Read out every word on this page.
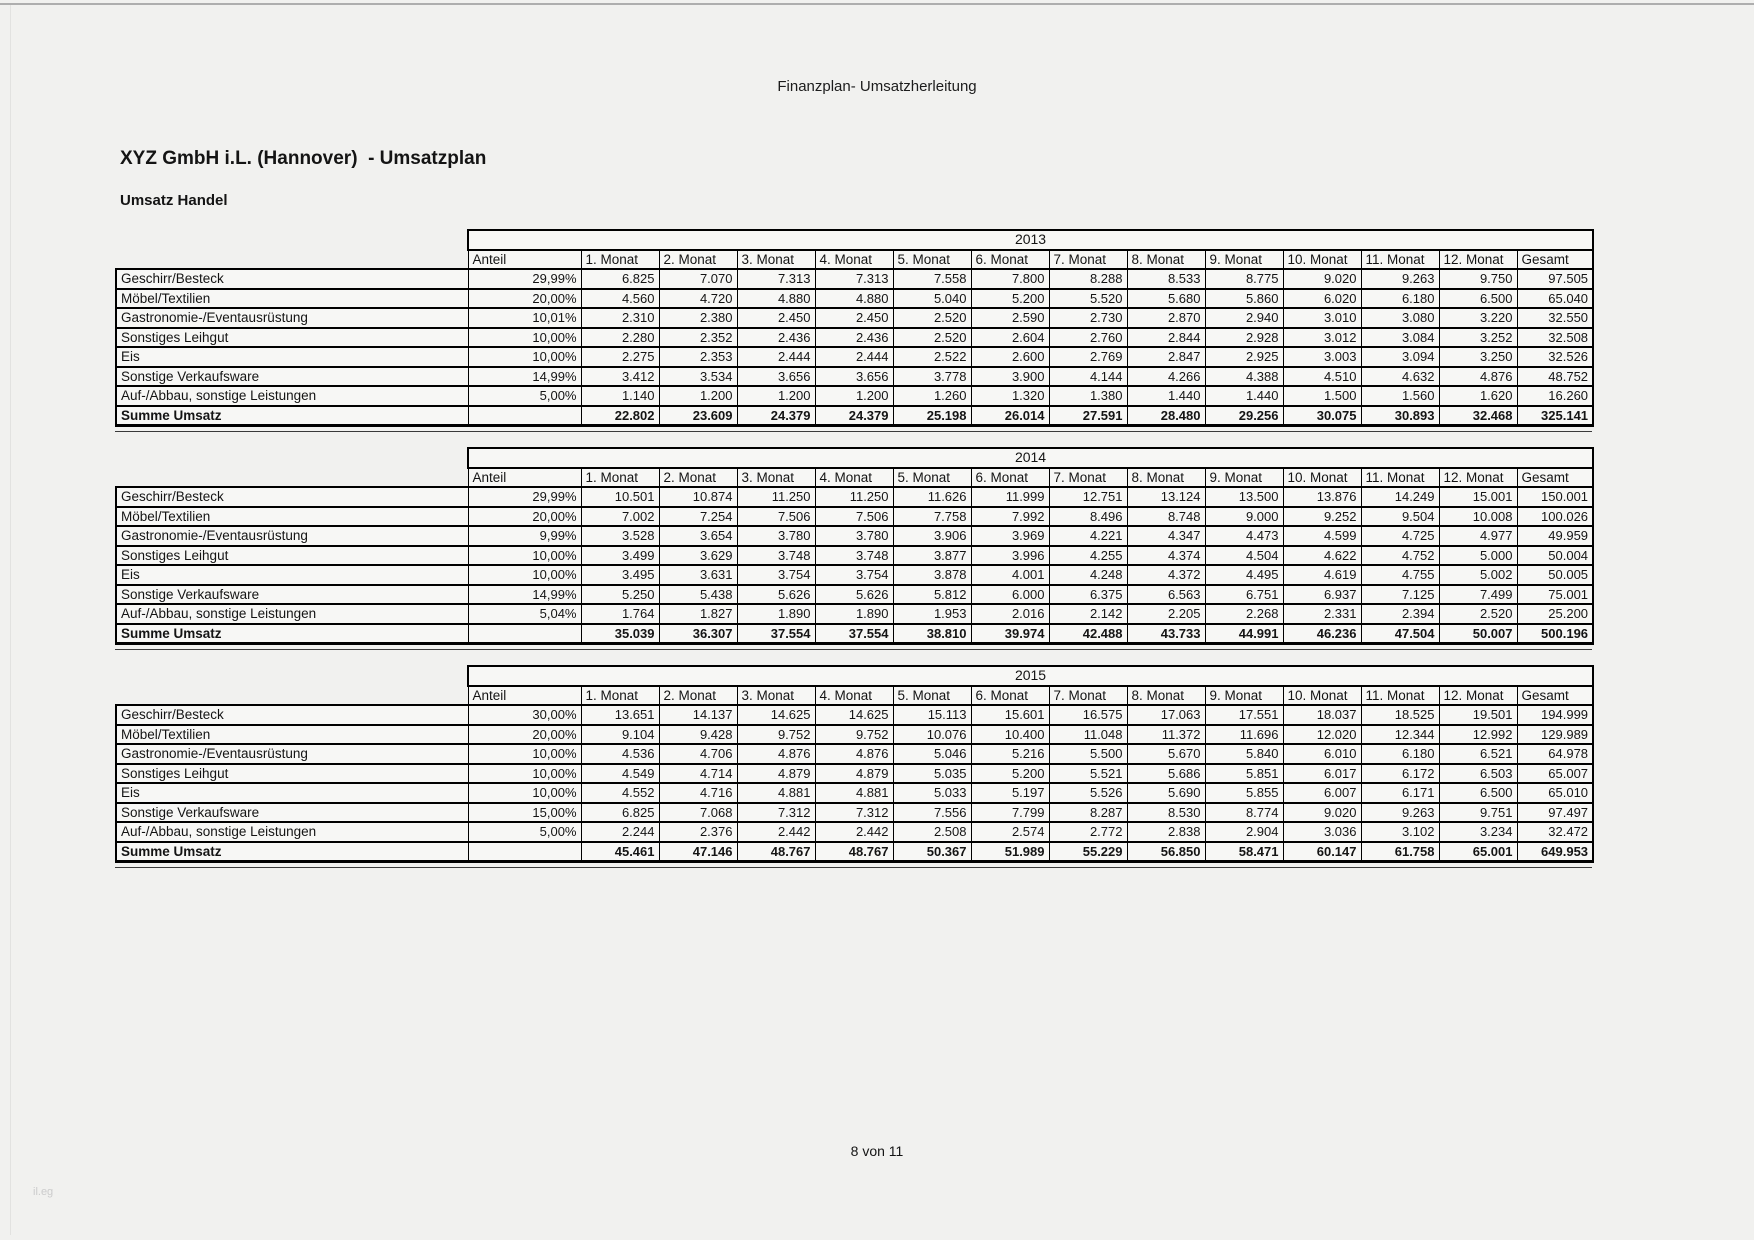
Finanzplan- Umsatzherleitung
XYZ GmbH i.L. (Hannover)  - Umsatzplan
Umsatz Handel
	2013													
	Anteil	1. Monat	2. Monat	3. Monat	4. Monat	5. Monat	6. Monat	7. Monat	8. Monat	9. Monat	10. Monat	11. Monat	12. Monat	Gesamt
Geschirr/Besteck	29,99%	6.825	7.070	7.313	7.313	7.558	7.800	8.288	8.533	8.775	9.020	9.263	9.750	97.505
Möbel/Textilien	20,00%	4.560	4.720	4.880	4.880	5.040	5.200	5.520	5.680	5.860	6.020	6.180	6.500	65.040
Gastronomie-/Eventausrüstung	10,01%	2.310	2.380	2.450	2.450	2.520	2.590	2.730	2.870	2.940	3.010	3.080	3.220	32.550
Sonstiges Leihgut	10,00%	2.280	2.352	2.436	2.436	2.520	2.604	2.760	2.844	2.928	3.012	3.084	3.252	32.508
Eis	10,00%	2.275	2.353	2.444	2.444	2.522	2.600	2.769	2.847	2.925	3.003	3.094	3.250	32.526
Sonstige Verkaufsware	14,99%	3.412	3.534	3.656	3.656	3.778	3.900	4.144	4.266	4.388	4.510	4.632	4.876	48.752
Auf-/Abbau, sonstige Leistungen	5,00%	1.140	1.200	1.200	1.200	1.260	1.320	1.380	1.440	1.440	1.500	1.560	1.620	16.260
Summe Umsatz		22.802	23.609	24.379	24.379	25.198	26.014	27.591	28.480	29.256	30.075	30.893	32.468	325.141
	2014													
	Anteil	1. Monat	2. Monat	3. Monat	4. Monat	5. Monat	6. Monat	7. Monat	8. Monat	9. Monat	10. Monat	11. Monat	12. Monat	Gesamt
Geschirr/Besteck	29,99%	10.501	10.874	11.250	11.250	11.626	11.999	12.751	13.124	13.500	13.876	14.249	15.001	150.001
Möbel/Textilien	20,00%	7.002	7.254	7.506	7.506	7.758	7.992	8.496	8.748	9.000	9.252	9.504	10.008	100.026
Gastronomie-/Eventausrüstung	9,99%	3.528	3.654	3.780	3.780	3.906	3.969	4.221	4.347	4.473	4.599	4.725	4.977	49.959
Sonstiges Leihgut	10,00%	3.499	3.629	3.748	3.748	3.877	3.996	4.255	4.374	4.504	4.622	4.752	5.000	50.004
Eis	10,00%	3.495	3.631	3.754	3.754	3.878	4.001	4.248	4.372	4.495	4.619	4.755	5.002	50.005
Sonstige Verkaufsware	14,99%	5.250	5.438	5.626	5.626	5.812	6.000	6.375	6.563	6.751	6.937	7.125	7.499	75.001
Auf-/Abbau, sonstige Leistungen	5,04%	1.764	1.827	1.890	1.890	1.953	2.016	2.142	2.205	2.268	2.331	2.394	2.520	25.200
Summe Umsatz		35.039	36.307	37.554	37.554	38.810	39.974	42.488	43.733	44.991	46.236	47.504	50.007	500.196
	2015													
	Anteil	1. Monat	2. Monat	3. Monat	4. Monat	5. Monat	6. Monat	7. Monat	8. Monat	9. Monat	10. Monat	11. Monat	12. Monat	Gesamt
Geschirr/Besteck	30,00%	13.651	14.137	14.625	14.625	15.113	15.601	16.575	17.063	17.551	18.037	18.525	19.501	194.999
Möbel/Textilien	20,00%	9.104	9.428	9.752	9.752	10.076	10.400	11.048	11.372	11.696	12.020	12.344	12.992	129.989
Gastronomie-/Eventausrüstung	10,00%	4.536	4.706	4.876	4.876	5.046	5.216	5.500	5.670	5.840	6.010	6.180	6.521	64.978
Sonstiges Leihgut	10,00%	4.549	4.714	4.879	4.879	5.035	5.200	5.521	5.686	5.851	6.017	6.172	6.503	65.007
Eis	10,00%	4.552	4.716	4.881	4.881	5.033	5.197	5.526	5.690	5.855	6.007	6.171	6.500	65.010
Sonstige Verkaufsware	15,00%	6.825	7.068	7.312	7.312	7.556	7.799	8.287	8.530	8.774	9.020	9.263	9.751	97.497
Auf-/Abbau, sonstige Leistungen	5,00%	2.244	2.376	2.442	2.442	2.508	2.574	2.772	2.838	2.904	3.036	3.102	3.234	32.472
Summe Umsatz		45.461	47.146	48.767	48.767	50.367	51.989	55.229	56.850	58.471	60.147	61.758	65.001	649.953
8 von 11
il.eg
